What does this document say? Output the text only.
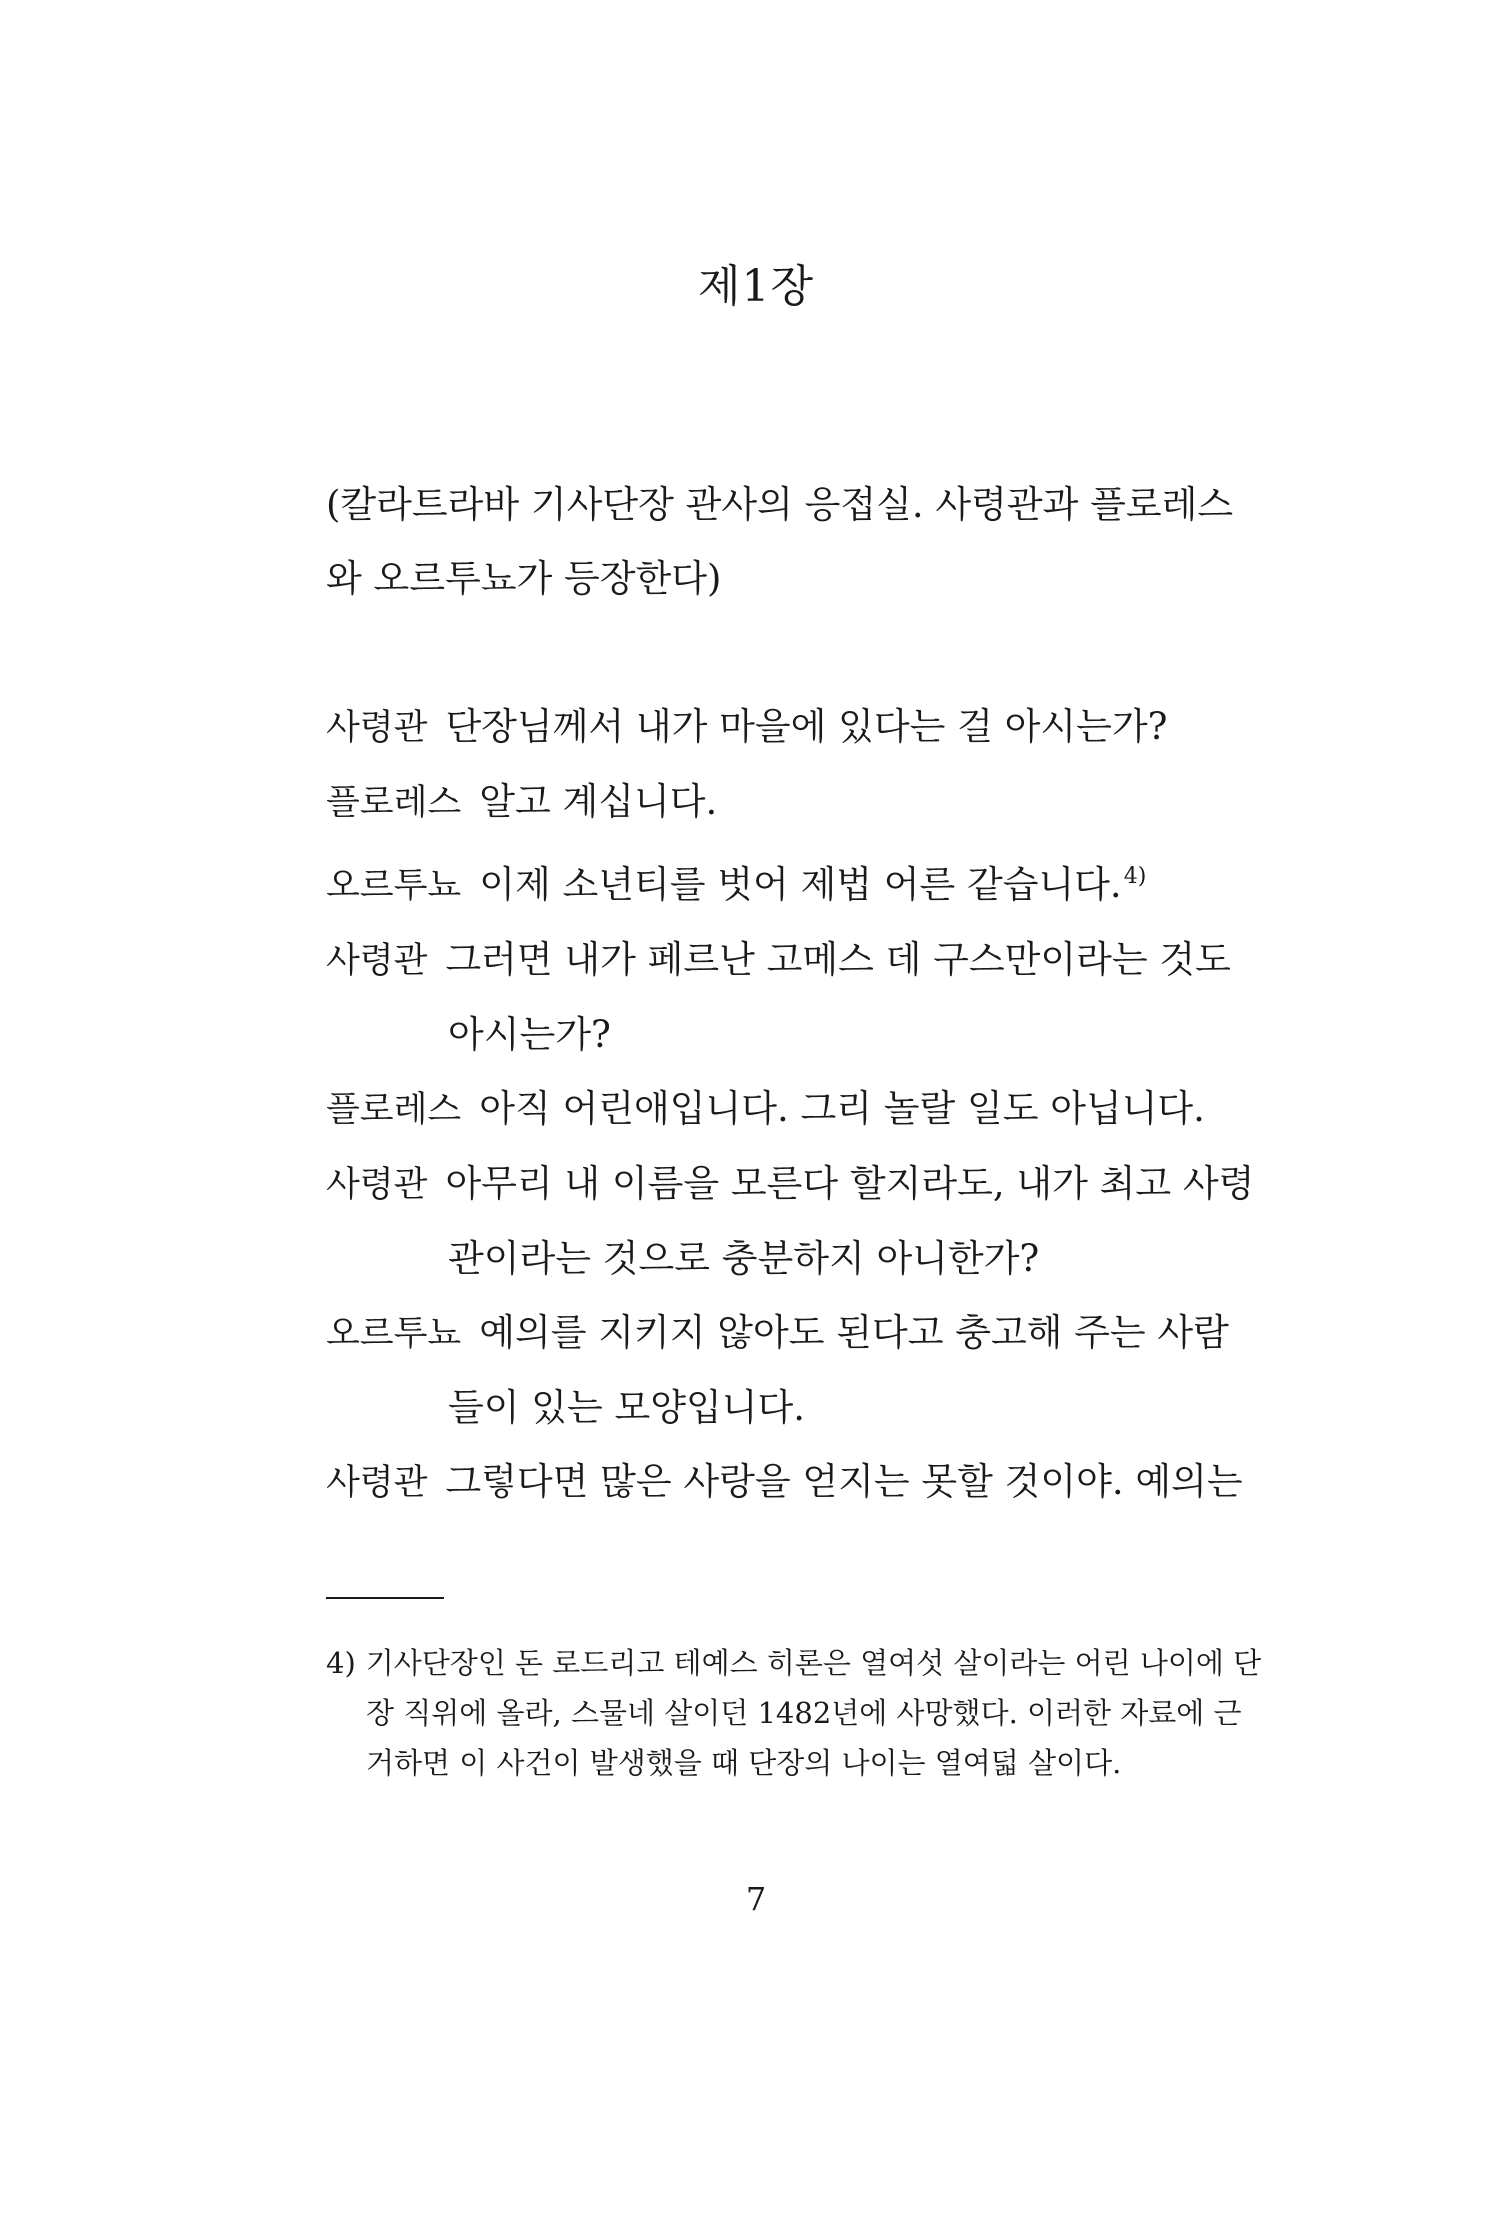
제1장

(칼라트라바 기사단장 관사의 응접실. 사령관과 플로레스와 오르투뇨가 등장한다)

사령관 단장님께서 내가 마을에 있다는 걸 아시는가?
플로레스 알고 계십니다.
오르투뇨 이제 소년티를 벗어 제법 어른 같습니다.$^{4)}$
사령관 그러면 내가 페르난 고메스 데 구스만이라는 것도 아시는가?
플로레스 아직 어린애입니다. 그리 놀랄 일도 아닙니다.
사령관 아무리 내 이름을 모른다 할지라도, 내가 최고 사령관이라는 것으로 충분하지 아니한가?
오르투뇨 예의를 지키지 않아도 된다고 충고해 주는 사람들이 있는 모양입니다.
사령관 그렇다면 많은 사랑을 얻지는 못할 것이야. 예의는

4) 기사단장인 돈 로드리고 테예스 히론은 열여섯 살이라는 어린 나이에 단장 직위에 올라, 스물네 살이던 1482년에 사망했다. 이러한 자료에 근거하면 이 사건이 발생했을 때 단장의 나이는 열여덟 살이다.

7
